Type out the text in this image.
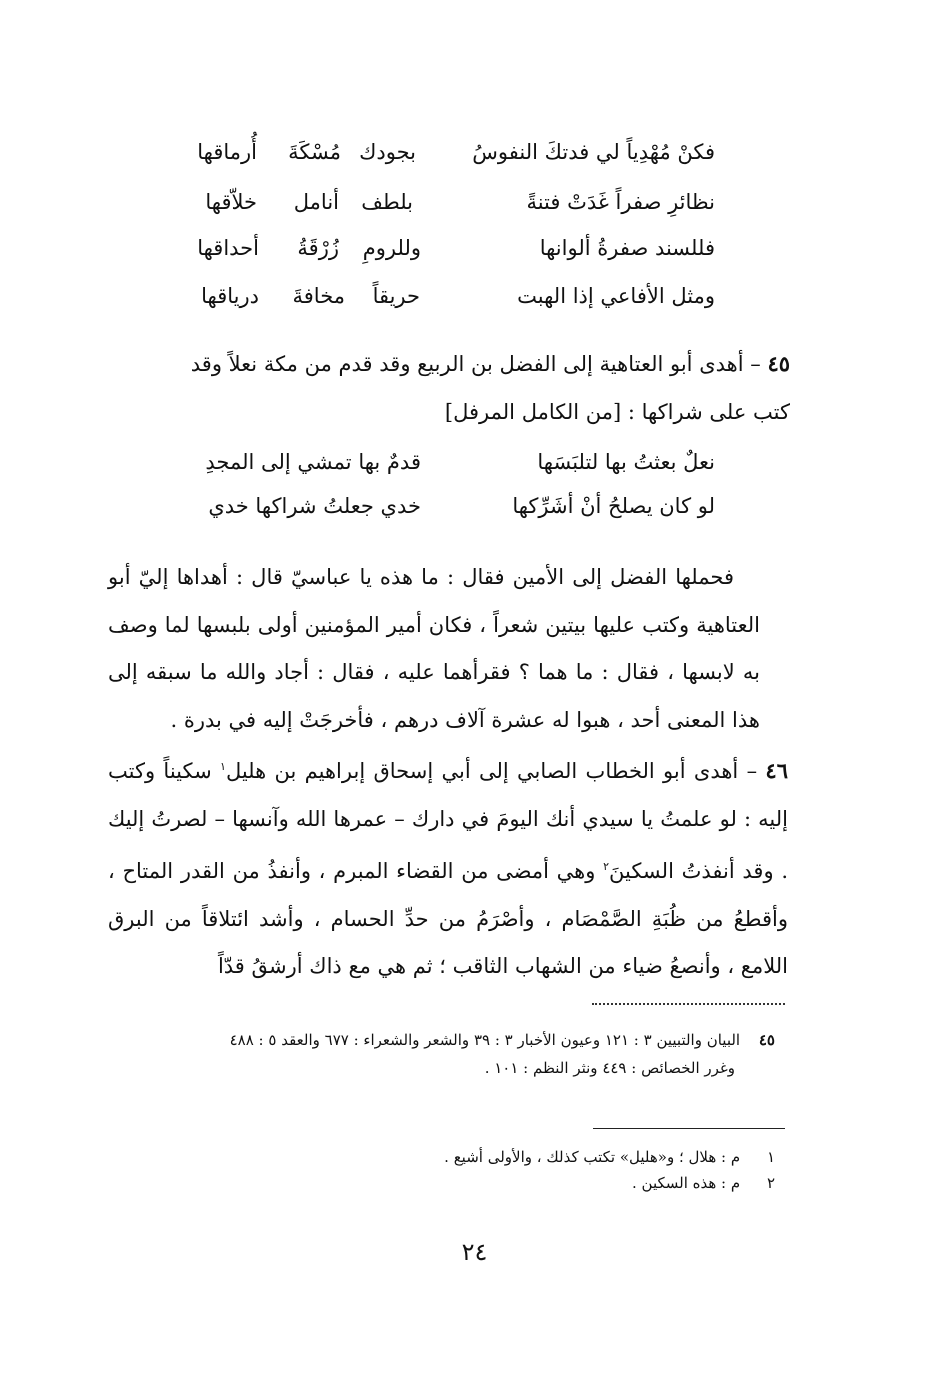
فكنْ مُهْدِياً لي فدتكَ النفوسُ
بجودك
مُسْكَةَ
أُرماقها
نظائرِ صفراً غَدَتْ فتنةً
بلطف
أنامل
خلاّقها
فللسند صفرةُ ألوانها
وللرومِ
زُرْقَةُ
أحداقها
ومثل الأفاعي إذا الهبت
حريقاً
مخافةَ
درياقها

٤٥ – أهدى أبو العتاهية إلى الفضل بن الربيع وقد قدم من مكة نعلاً وقد

كتب على شراكها : [من الكامل المرفل]

نعلٌ بعثتُ بها لتلبَسَها
قدمٌ بها تمشي إلى المجدِ
لو كان يصلحُ أنْ أشَرِّكها
خدي جعلتُ شراكها خدي

فحملها الفضل إلى الأمين فقال : ما هذه يا عباسيّ قال : أهداها إليّ أبو العتاهية وكتب عليها بيتين شعراً ، فكان أمير المؤمنين أولى بلبسها لما وصف به لابسها ، فقال : ما هما ؟ فقرأهما عليه ، فقال : أجاد والله ما سبقه إلى هذا المعنى أحد ، هبوا له عشرة آلاف درهم ، فأخرجَتْ إليه في بدرة .

٤٦ – أهدى أبو الخطاب الصابي إلى أبي إسحاق إبراهيم بن هليل$^١$ سكيناً وكتب إليه : لو علمتُ يا سيدي أنك اليومَ في دارك – عمرها الله وآنسها – لصرتُ إليك . وقد أنفذتُ السكينَ$^٢$ وهي أمضى من القضاء المبرم ، وأنفذُ من القدر المتاح ، وأقطعُ من ظُبَةِ الصَّمْصَام ، وأصْرَمُ من حدِّ الحسام ، وأشد ائتلاقاً من البرق اللامع ، وأنصعُ ضياء من الشهاب الثاقب ؛ ثم هي مع ذاك أرشقُ قدّاً

٤٥ البيان والتبيين ٣ : ١٢١ وعيون الأخبار ٣ : ٣٩ والشعر والشعراء : ٦٧٧ والعقد ٥ : ٤٨٨
وغرر الخصائص : ٤٤٩ ونثر النظم : ١٠١ .
١ م : هلال ؛ و«هليل» تكتب كذلك ، والأولى أشيع .
٢ م : هذه السكين .
٢٤
